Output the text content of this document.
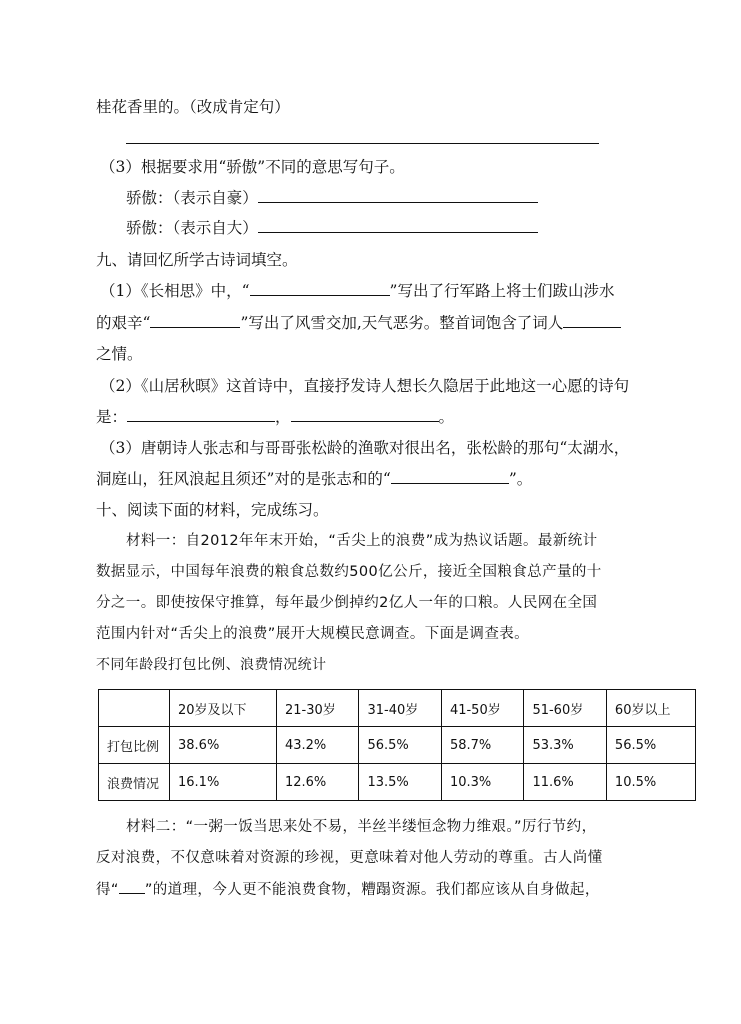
桂花香里的。（改成肯定句）
（3）根据要求用“骄傲”不同的意思写句子。
骄傲：（表示自豪）
骄傲：（表示自大）
九、请回忆所学古诗词填空。
（1）《长相思》中，“	”写出了行军路上将士们跋山涉水
的艰辛“	”写出了风雪交加,天气恶劣。整首词饱含了词人
之情。
（2）《山居秋暝》这首诗中，直接抒发诗人想长久隐居于此地这一心愿的诗句
是：	，	。
（3）唐朝诗人张志和与哥哥张松龄的渔歌对很出名，张松龄的那句“太湖水，
洞庭山，狂风浪起且须还”对的是张志和的“	”。
十、阅读下面的材料，完成练习。
材料一：自2012年年末开始，“舌尖上的浪费”成为热议话题。最新统计
数据显示，中国每年浪费的粮食总数约500亿公斤，接近全国粮食总产量的十
分之一。即使按保守推算，每年最少倒掉约2亿人一年的口粮。人民网在全国
范围内针对“舌尖上的浪费”展开大规模民意调查。下面是调查表。
不同年龄段打包比例、浪费情况统计
	20岁及以下	21-30岁	31-40岁	41-50岁	51-60岁	60岁以上
打包比例	38.6%	43.2%	56.5%	58.7%	53.3%	56.5%
浪费情况	16.1%	12.6%	13.5%	10.3%	11.6%	10.5%
材料二：“一粥一饭当思来处不易，半丝半缕恒念物力维艰。”厉行节约，
反对浪费，不仅意味着对资源的珍视，更意味着对他人劳动的尊重。古人尚懂
得“ ”的道理，今人更不能浪费食物，糟蹋资源。我们都应该从自身做起，
